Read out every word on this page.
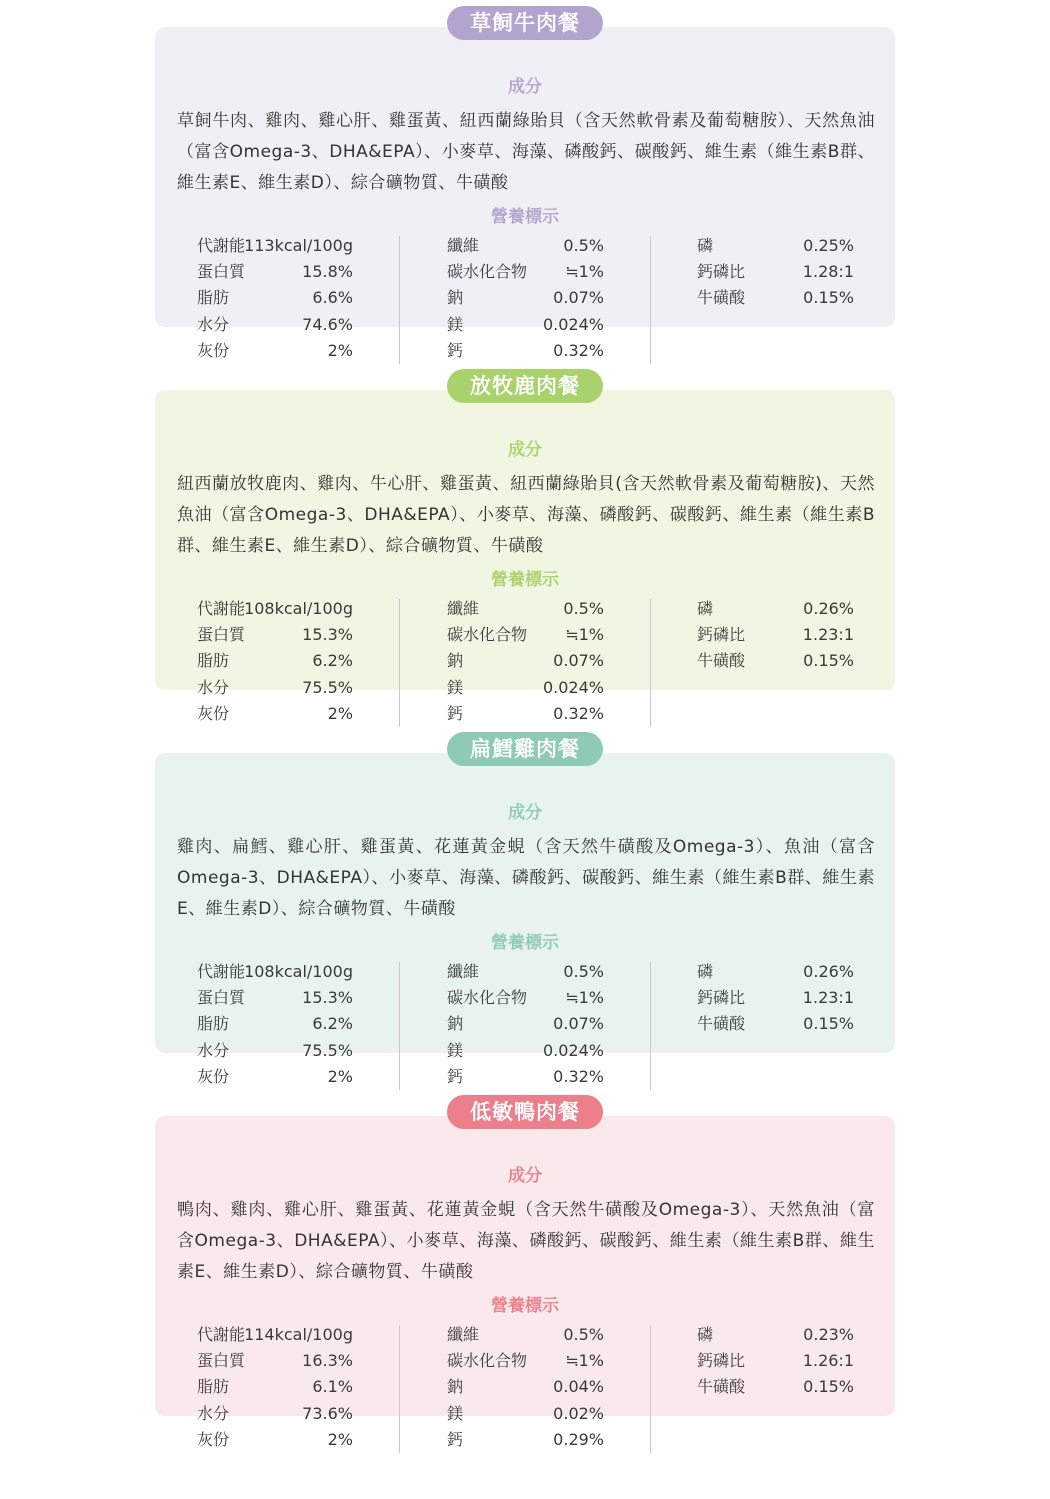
成分
草飼牛肉、雞肉、雞心肝、雞蛋黃、紐西蘭綠貽貝（含天然軟骨素及葡萄糖胺）、天然魚油（富含Omega-3、DHA&EPA）、小麥草、海藻、磷酸鈣、碳酸鈣、維生素（維生素B群、維生素E、維生素D）、綜合礦物質、牛磺酸
營養標示
代謝能 113kcal/100g
蛋白質	15.8%
脂肪	6.6%
水分	74.6%
灰份	2%
纖維	0.5%
碳水化合物 ≒1%
鈉	0.07%
鎂	0.024%
鈣	0.32%
磷	0.25%
鈣磷比	1.28:1
牛磺酸	0.15%
草飼牛肉餐
成分
紐西蘭放牧鹿肉、雞肉、牛心肝、雞蛋黃、紐西蘭綠貽貝(含天然軟骨素及葡萄糖胺)、天然魚油（富含Omega-3、DHA&EPA）、小麥草、海藻、磷酸鈣、碳酸鈣、維生素（維生素B群、維生素E、維生素D）、綜合礦物質、牛磺酸
營養標示
代謝能 108kcal/100g
蛋白質	15.3%
脂肪	6.2%
水分	75.5%
灰份	2%
纖維	0.5%
碳水化合物 ≒1%
鈉	0.07%
鎂	0.024%
鈣	0.32%
磷	0.26%
鈣磷比	1.23:1
牛磺酸	0.15%
放牧鹿肉餐
成分
雞肉、扁鱈、雞心肝、雞蛋黃、花蓮黃金蜆（含天然牛磺酸及Omega-3）、魚油（富含Omega-3、DHA&EPA）、小麥草、海藻、磷酸鈣、碳酸鈣、維生素（維生素B群、維生素E、維生素D）、綜合礦物質、牛磺酸
營養標示
代謝能 108kcal/100g
蛋白質	15.3%
脂肪	6.2%
水分	75.5%
灰份	2%
纖維	0.5%
碳水化合物 ≒1%
鈉	0.07%
鎂	0.024%
鈣	0.32%
磷	0.26%
鈣磷比	1.23:1
牛磺酸	0.15%
扁鱈雞肉餐
成分
鴨肉、雞肉、雞心肝、雞蛋黃、花蓮黃金蜆（含天然牛磺酸及Omega-3）、天然魚油（富含Omega-3、DHA&EPA）、小麥草、海藻、磷酸鈣、碳酸鈣、維生素（維生素B群、維生素E、維生素D）、綜合礦物質、牛磺酸
營養標示
代謝能 114kcal/100g
蛋白質	16.3%
脂肪	6.1%
水分	73.6%
灰份	2%
纖維	0.5%
碳水化合物 ≒1%
鈉	0.04%
鎂	0.02%
鈣	0.29%
磷	0.23%
鈣磷比	1.26:1
牛磺酸	0.15%
低敏鴨肉餐
